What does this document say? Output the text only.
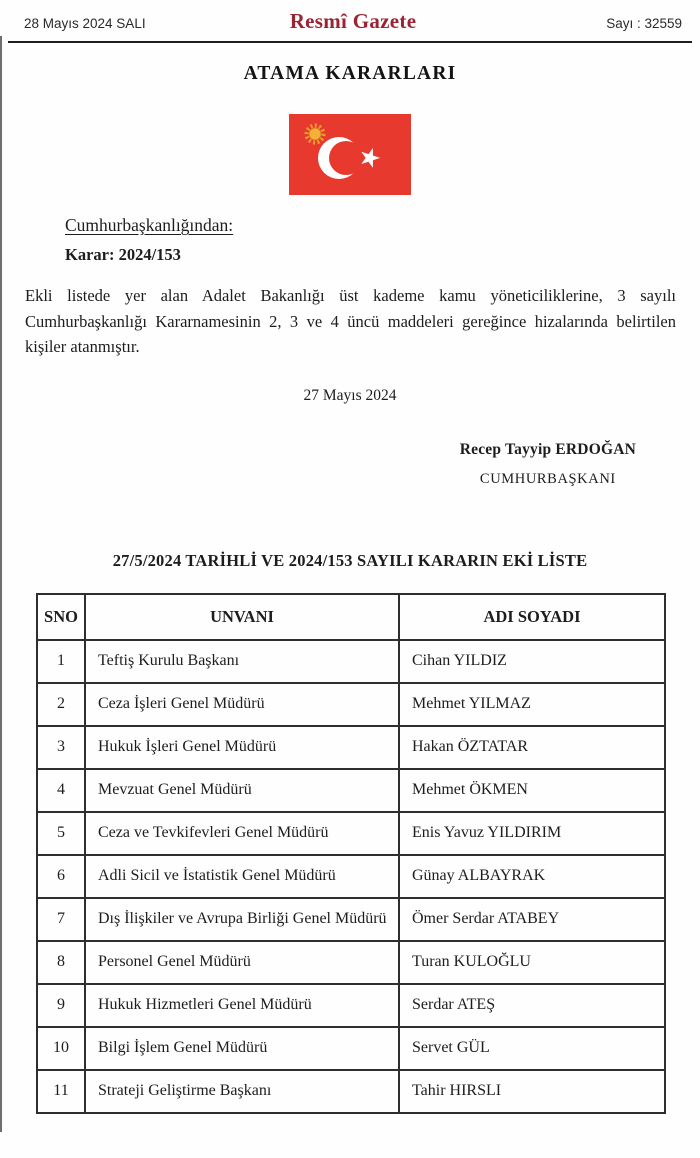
28 Mayıs 2024 SALI	Resmî Gazete	Sayı : 32559
ATAMA KARARLARI
Cumhurbaşkanlığından:
Karar: 2024/153
Ekli listede yer alan Adalet Bakanlığı üst kademe kamu yöneticiliklerine, 3 sayılı
Cumhurbaşkanlığı Kararnamesinin 2, 3 ve 4 üncü maddeleri gereğince hizalarında belirtilen
kişiler atanmıştır.
27 Mayıs 2024
Recep Tayyip ERDOĞAN
CUMHURBAŞKANI
27/5/2024 TARİHLİ VE 2024/153 SAYILI KARARIN EKİ LİSTE
SNO	UNVANI	ADI SOYADI
1	Teftiş Kurulu Başkanı	Cihan YILDIZ
2	Ceza İşleri Genel Müdürü	Mehmet YILMAZ
3	Hukuk İşleri Genel Müdürü	Hakan ÖZTATAR
4	Mevzuat Genel Müdürü	Mehmet ÖKMEN
5	Ceza ve Tevkifevleri Genel Müdürü	Enis Yavuz YILDIRIM
6	Adli Sicil ve İstatistik Genel Müdürü	Günay ALBAYRAK
7	Dış İlişkiler ve Avrupa Birliği Genel Müdürü	Ömer Serdar ATABEY
8	Personel Genel Müdürü	Turan KULOĞLU
9	Hukuk Hizmetleri Genel Müdürü	Serdar ATEŞ
10	Bilgi İşlem Genel Müdürü	Servet GÜL
11	Strateji Geliştirme Başkanı	Tahir HIRSLI
